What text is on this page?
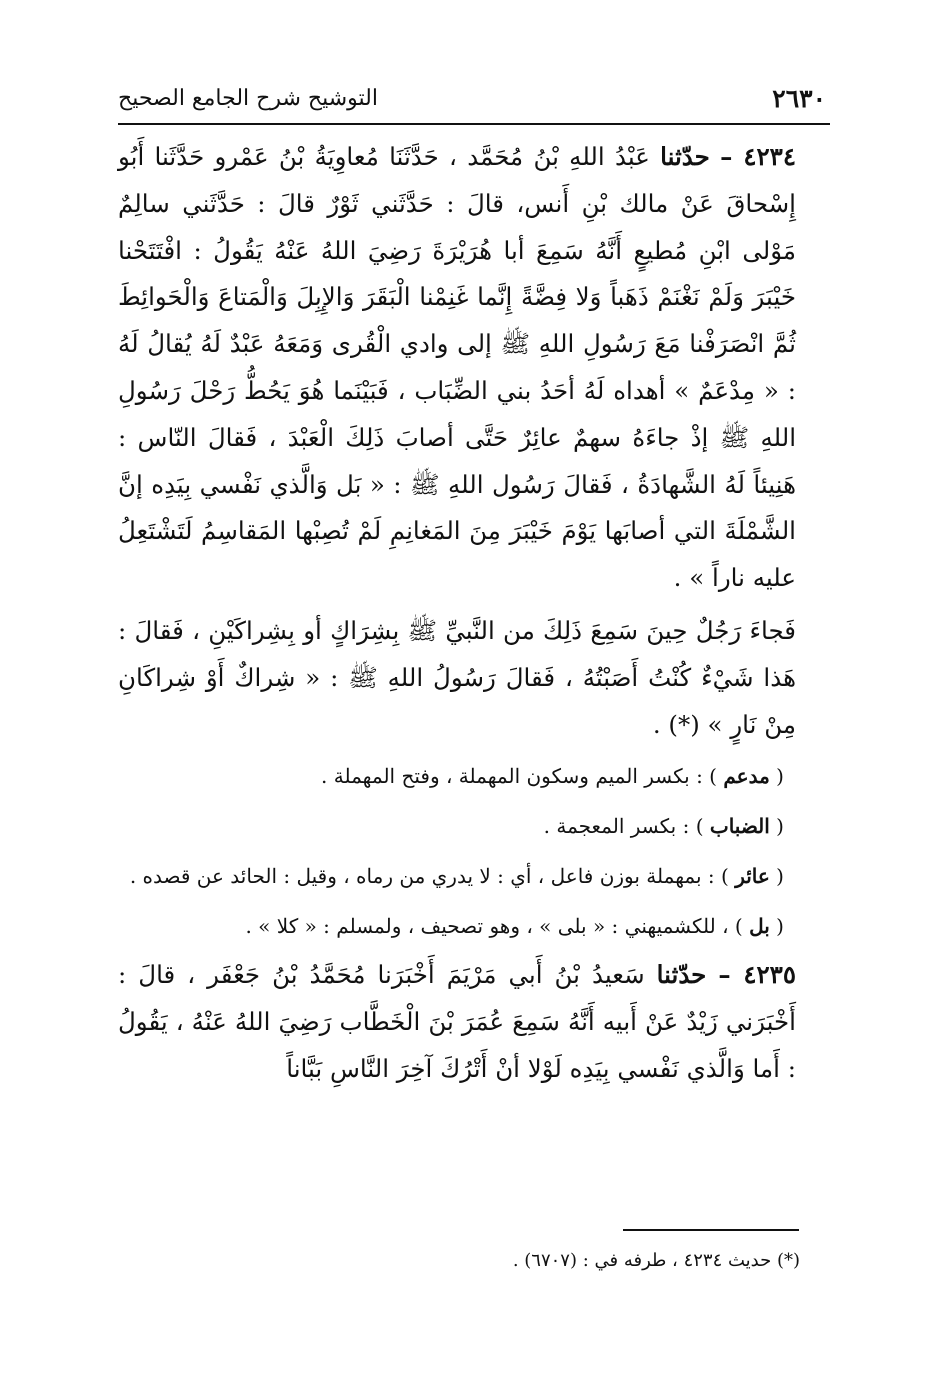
٢٦٣٠
التوشيح شرح الجامع الصحيح

٤٢٣٤ – حدّثنا عَبْدُ اللهِ بْنُ مُحَمَّد ، حَدَّثَنَا مُعاوِيَةُ بْنُ عَمْرو حَدَّثَنا أَبُو إِسْحاقَ عَنْ مالك بْنِ أَنس، قالَ : حَدَّثَني ثَوْرٌ قالَ : حَدَّثَني سالِمٌ مَوْلى ابْنِ مُطيعٍ أَنَّهُ سَمِعَ أبا هُرَيْرَةَ رَضِيَ اللهُ عَنْهُ يَقُولُ : افْتَتَحْنا خَيْبَرَ وَلَمْ نَغْنَمْ ذَهَباً وَلا فِضَّةً إِنَّما غَنِمْنا الْبَقَرَ وَالإِبِلَ وَالْمَتاعَ وَالْحَوائِطَ ثُمَّ انْصَرَفْنا مَعَ رَسُولِ اللهِ ﷺ إلى وادي الْقُرى وَمَعَهُ عَبْدٌ لَهُ يُقالُ لَهُ : « مِدْعَمٌ » أهداه لَهُ أحَدُ بني الضِّبَاب ، فَبَيْنَما هُوَ يَحُطُّ رَحْلَ رَسُولِ اللهِ ﷺ إذْ جاءَهُ سهمٌ عائِرٌ حَتَّى أصابَ ذَلِكَ الْعَبْدَ ، فَقالَ النّاس : هَنِيئاً لَهُ الشَّهادَةُ ، فَقالَ رَسُول اللهِ ﷺ : « بَل وَالَّذي نَفْسي بِيَدِه إنَّ الشَّمْلَةَ التي أصابَها يَوْمَ خَيْبَرَ مِنَ المَغانِمِ لَمْ تُصِبْها المَقاسِمُ لَتَشْتَعِلُ عليه ناراً » .

فَجاءَ رَجُلٌ حِينَ سَمِعَ ذَلِكَ من النَّبيِّ ﷺ بِشِرَاكٍ أو بِشِراكَيْنِ ، فَقالَ : هَذا شَيْءٌ كُنْتُ أَصَبْتُهُ ، فَقالَ رَسُولُ اللهِ ﷺ : « شِراكٌ أَوْ شِراكَانِ مِنْ نَارٍ » (*) .

( مدعم ) : بكسر الميم وسكون المهملة ، وفتح المهملة .

( الضباب ) : بكسر المعجمة .

( عائر ) : بمهملة بوزن فاعل ، أي : لا يدري من رماه ، وقيل : الحائد عن قصده .

( بل ) ، للكشميهني : « بلى » ، وهو تصحيف ، ولمسلم : « كلا » .

٤٢٣٥ – حدّثنا سَعيدُ بْنُ أَبي مَرْيَمَ أَخْبَرَنا مُحَمَّدُ بْنُ جَعْفَر ، قالَ : أَخْبَرَني زَيْدٌ عَنْ أَبيه أَنَّهُ سَمِعَ عُمَرَ بْنَ الْخَطَّاب رَضِيَ اللهُ عَنْهُ ، يَقُولُ : أَما وَالَّذي نَفْسي بِيَدِه لَوْلا أنْ أَتْرُكَ آخِرَ النَّاسِ بَبَّاناً

(*) حديث ٤٢٣٤ ، طرفه في : (٦٧٠٧) .
